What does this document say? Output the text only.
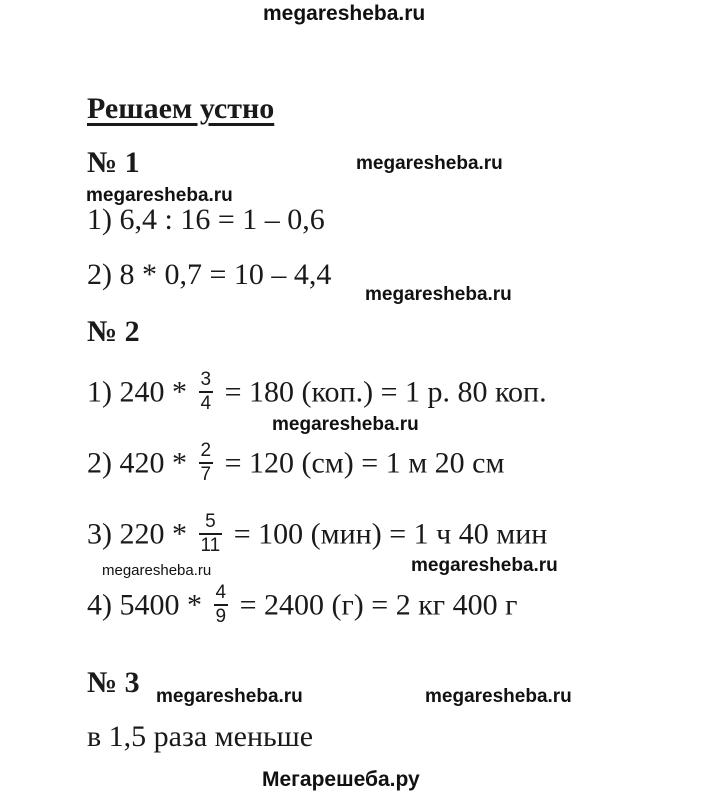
megaresheba.ru
megaresheba.ru
megaresheba.ru
megaresheba.ru
megaresheba.ru
megaresheba.ru	megaresheba.ru
megaresheba.ru	megaresheba.ru
Мегарешеба.ру
Решаем устно
№ 1
1) 6,4 : 16 = 1 – 0,6
2) 8 * 0,7 = 10 – 4,4
№ 2
1) $240 * \frac{3}{4} = 180$ (коп.) = 1 р. 80 коп.
2) $420 * \frac{2}{7} = 120$ (см) = 1 м 20 см
3) $220 * \frac{5}{11} = 100$ (мин) = 1 ч 40 мин
4) $5400 * \frac{4}{9} = 2400$ (г) = 2 кг 400 г
№ 3
в 1,5 раза меньше
